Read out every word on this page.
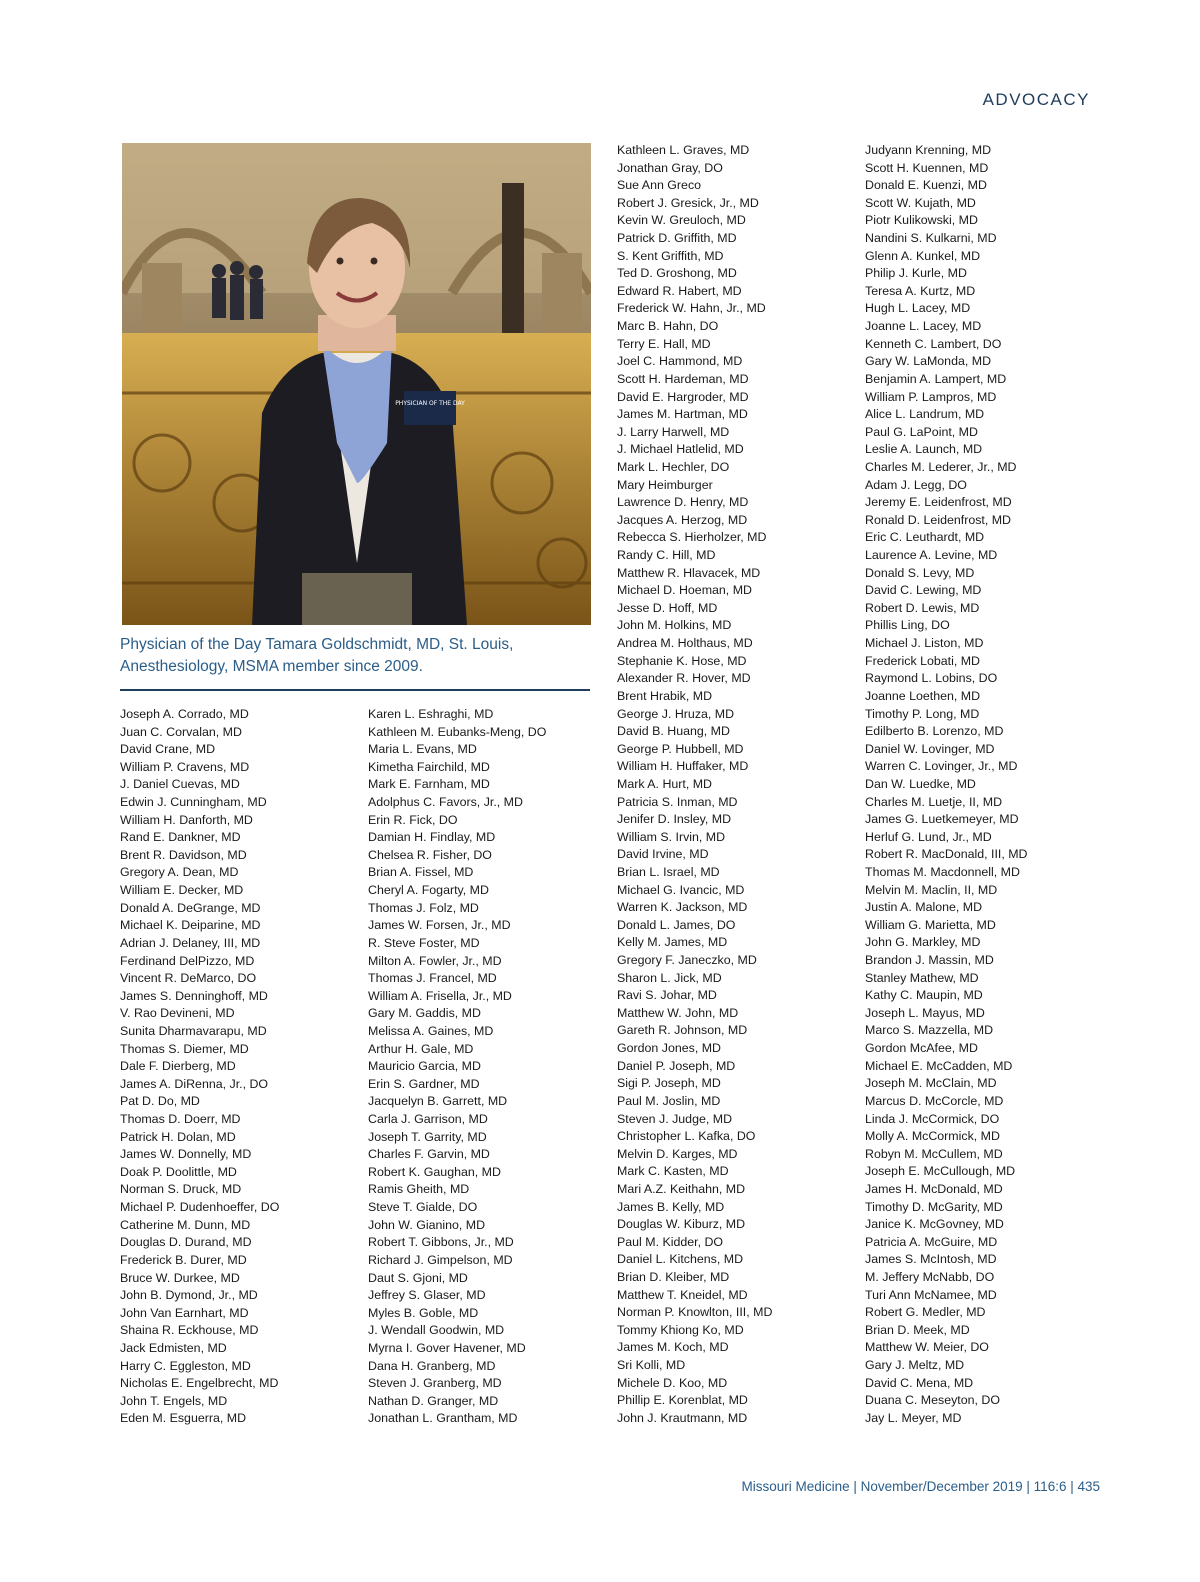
ADVOCACY
PHYSICIAN OF THE DAY
Physician of the Day Tamara Goldschmidt, MD, St. Louis, Anesthesiology, MSMA member since 2009.
Joseph A. Corrado, MD
Juan C. Corvalan, MD
David Crane, MD
William P. Cravens, MD
J. Daniel Cuevas, MD
Edwin J. Cunningham, MD
William H. Danforth, MD
Rand E. Dankner, MD
Brent R. Davidson, MD
Gregory A. Dean, MD
William E. Decker, MD
Donald A. DeGrange, MD
Michael K. Deiparine, MD
Adrian J. Delaney, III, MD
Ferdinand DelPizzo, MD
Vincent R. DeMarco, DO
James S. Denninghoff, MD
V. Rao Devineni, MD
Sunita Dharmavarapu, MD
Thomas S. Diemer, MD
Dale F. Dierberg, MD
James A. DiRenna, Jr., DO
Pat D. Do, MD
Thomas D. Doerr, MD
Patrick H. Dolan, MD
James W. Donnelly, MD
Doak P. Doolittle, MD
Norman S. Druck, MD
Michael P. Dudenhoeffer, DO
Catherine M. Dunn, MD
Douglas D. Durand, MD
Frederick B. Durer, MD
Bruce W. Durkee, MD
John B. Dymond, Jr., MD
John Van Earnhart, MD
Shaina R. Eckhouse, MD
Jack Edmisten, MD
Harry C. Eggleston, MD
Nicholas E. Engelbrecht, MD
John T. Engels, MD
Eden M. Esguerra, MD
Karen L. Eshraghi, MD
Kathleen M. Eubanks-Meng, DO
Maria L. Evans, MD
Kimetha Fairchild, MD
Mark E. Farnham, MD
Adolphus C. Favors, Jr., MD
Erin R. Fick, DO
Damian H. Findlay, MD
Chelsea R. Fisher, DO
Brian A. Fissel, MD
Cheryl A. Fogarty, MD
Thomas J. Folz, MD
James W. Forsen, Jr., MD
R. Steve Foster, MD
Milton A. Fowler, Jr., MD
Thomas J. Francel, MD
William A. Frisella, Jr., MD
Gary M. Gaddis, MD
Melissa A. Gaines, MD
Arthur H. Gale, MD
Mauricio Garcia, MD
Erin S. Gardner, MD
Jacquelyn B. Garrett, MD
Carla J. Garrison, MD
Joseph T. Garrity, MD
Charles F. Garvin, MD
Robert K. Gaughan, MD
Ramis Gheith, MD
Steve T. Gialde, DO
John W. Gianino, MD
Robert T. Gibbons, Jr., MD
Richard J. Gimpelson, MD
Daut S. Gjoni, MD
Jeffrey S. Glaser, MD
Myles B. Goble, MD
J. Wendall Goodwin, MD
Myrna I. Gover Havener, MD
Dana H. Granberg, MD
Steven J. Granberg, MD
Nathan D. Granger, MD
Jonathan L. Grantham, MD
Kathleen L. Graves, MD
Jonathan Gray, DO
Sue Ann Greco
Robert J. Gresick, Jr., MD
Kevin W. Greuloch, MD
Patrick D. Griffith, MD
S. Kent Griffith, MD
Ted D. Groshong, MD
Edward R. Habert, MD
Frederick W. Hahn, Jr., MD
Marc B. Hahn, DO
Terry E. Hall, MD
Joel C. Hammond, MD
Scott H. Hardeman, MD
David E. Hargroder, MD
James M. Hartman, MD
J. Larry Harwell, MD
J. Michael Hatlelid, MD
Mark L. Hechler, DO
Mary Heimburger
Lawrence D. Henry, MD
Jacques A. Herzog, MD
Rebecca S. Hierholzer, MD
Randy C. Hill, MD
Matthew R. Hlavacek, MD
Michael D. Hoeman, MD
Jesse D. Hoff, MD
John M. Holkins, MD
Andrea M. Holthaus, MD
Stephanie K. Hose, MD
Alexander R. Hover, MD
Brent Hrabik, MD
George J. Hruza, MD
David B. Huang, MD
George P. Hubbell, MD
William H. Huffaker, MD
Mark A. Hurt, MD
Patricia S. Inman, MD
Jenifer D. Insley, MD
William S. Irvin, MD
David Irvine, MD
Brian L. Israel, MD
Michael G. Ivancic, MD
Warren K. Jackson, MD
Donald L. James, DO
Kelly M. James, MD
Gregory F. Janeczko, MD
Sharon L. Jick, MD
Ravi S. Johar, MD
Matthew W. John, MD
Gareth R. Johnson, MD
Gordon Jones, MD
Daniel P. Joseph, MD
Sigi P. Joseph, MD
Paul M. Joslin, MD
Steven J. Judge, MD
Christopher L. Kafka, DO
Melvin D. Karges, MD
Mark C. Kasten, MD
Mari A.Z. Keithahn, MD
James B. Kelly, MD
Douglas W. Kiburz, MD
Paul M. Kidder, DO
Daniel L. Kitchens, MD
Brian D. Kleiber, MD
Matthew T. Kneidel, MD
Norman P. Knowlton, III, MD
Tommy Khiong Ko, MD
James M. Koch, MD
Sri Kolli, MD
Michele D. Koo, MD
Phillip E. Korenblat, MD
John J. Krautmann, MD
Judyann Krenning, MD
Scott H. Kuennen, MD
Donald E. Kuenzi, MD
Scott W. Kujath, MD
Piotr Kulikowski, MD
Nandini S. Kulkarni, MD
Glenn A. Kunkel, MD
Philip J. Kurle, MD
Teresa A. Kurtz, MD
Hugh L. Lacey, MD
Joanne L. Lacey, MD
Kenneth C. Lambert, DO
Gary W. LaMonda, MD
Benjamin A. Lampert, MD
William P. Lampros, MD
Alice L. Landrum, MD
Paul G. LaPoint, MD
Leslie A. Launch, MD
Charles M. Lederer, Jr., MD
Adam J. Legg, DO
Jeremy E. Leidenfrost, MD
Ronald D. Leidenfrost, MD
Eric C. Leuthardt, MD
Laurence A. Levine, MD
Donald S. Levy, MD
David C. Lewing, MD
Robert D. Lewis, MD
Phillis Ling, DO
Michael J. Liston, MD
Frederick Lobati, MD
Raymond L. Lobins, DO
Joanne Loethen, MD
Timothy P. Long, MD
Edilberto B. Lorenzo, MD
Daniel W. Lovinger, MD
Warren C. Lovinger, Jr., MD
Dan W. Luedke, MD
Charles M. Luetje, II, MD
James G. Luetkemeyer, MD
Herluf G. Lund, Jr., MD
Robert R. MacDonald, III, MD
Thomas M. Macdonnell, MD
Melvin M. Maclin, II, MD
Justin A. Malone, MD
William G. Marietta, MD
John G. Markley, MD
Brandon J. Massin, MD
Stanley Mathew, MD
Kathy C. Maupin, MD
Joseph L. Mayus, MD
Marco S. Mazzella, MD
Gordon McAfee, MD
Michael E. McCadden, MD
Joseph M. McClain, MD
Marcus D. McCorcle, MD
Linda J. McCormick, DO
Molly A. McCormick, MD
Robyn M. McCullem, MD
Joseph E. McCullough, MD
James H. McDonald, MD
Timothy D. McGarity, MD
Janice K. McGovney, MD
Patricia A. McGuire, MD
James S. McIntosh, MD
M. Jeffery McNabb, DO
Turi Ann McNamee, MD
Robert G. Medler, MD
Brian D. Meek, MD
Matthew W. Meier, DO
Gary J. Meltz, MD
David C. Mena, MD
Duana C. Meseyton, DO
Jay L. Meyer, MD
Missouri Medicine | November/December 2019 | 116:6 | 435
